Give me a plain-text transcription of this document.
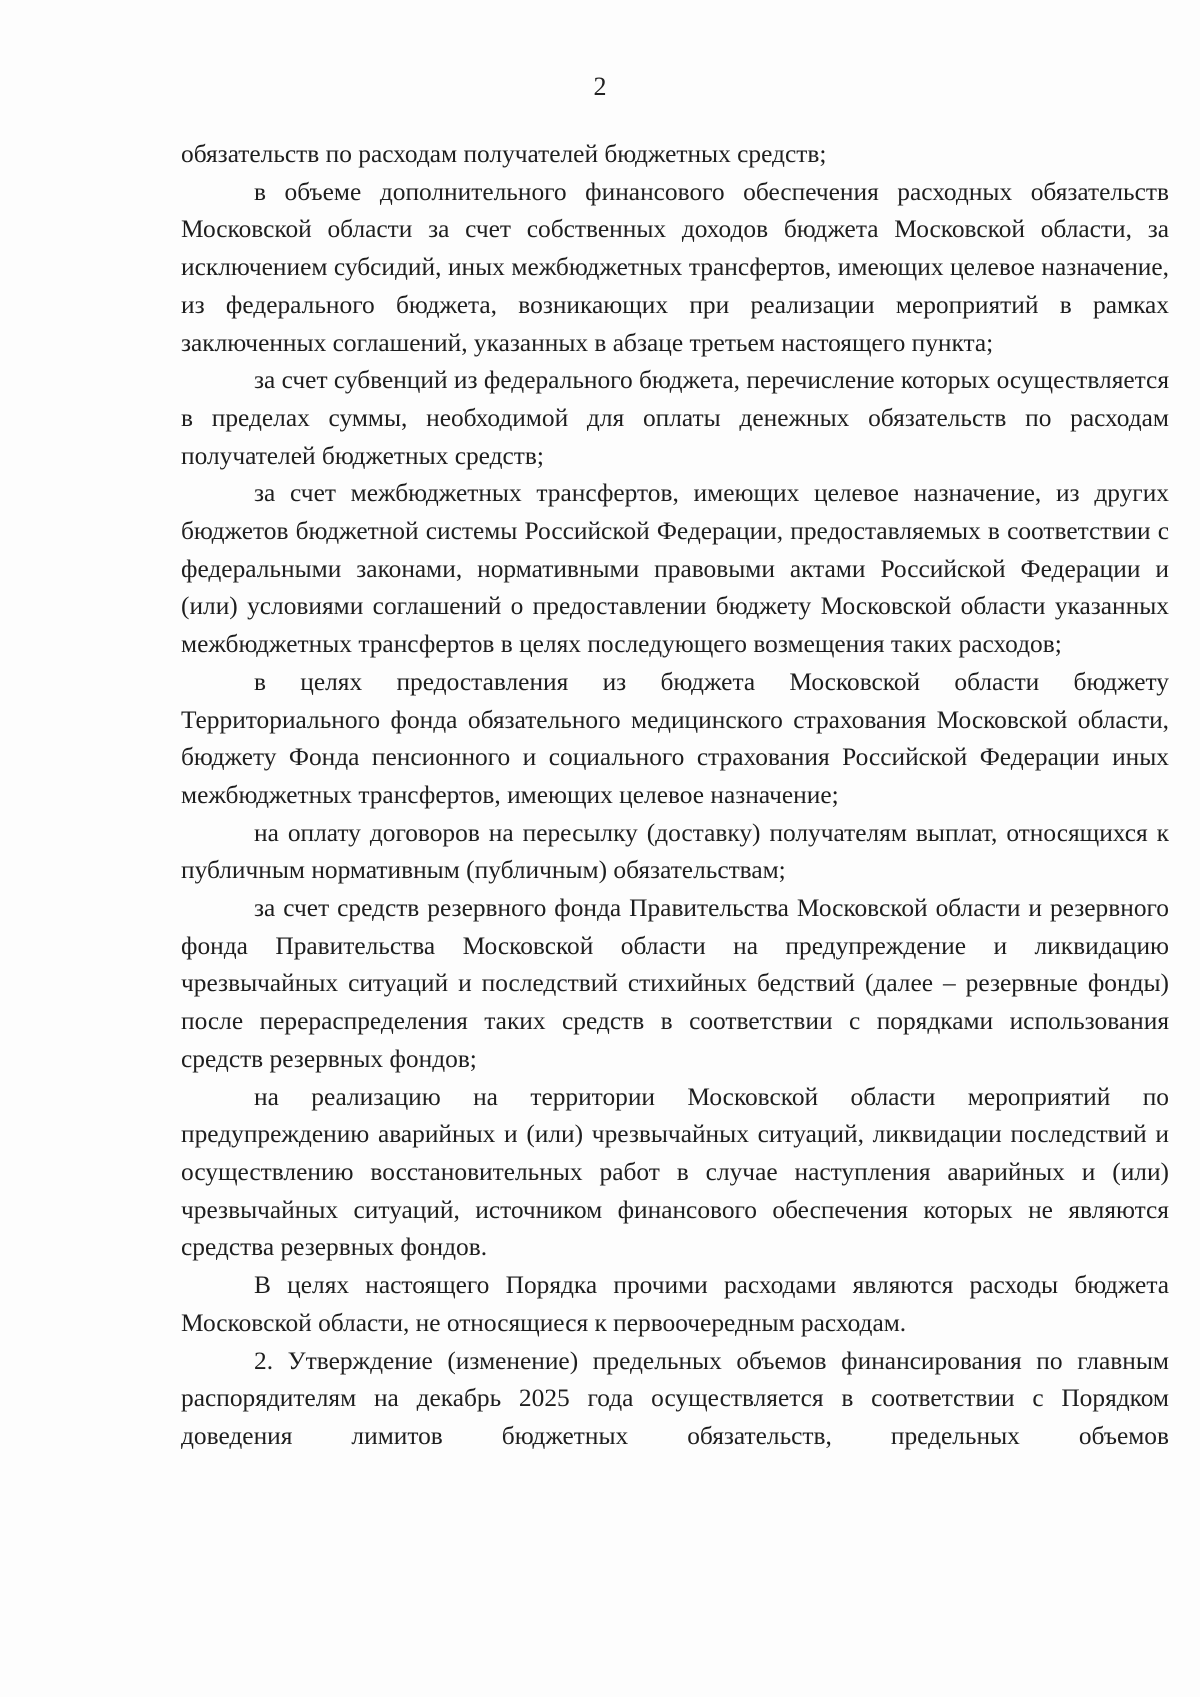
2

обязательств по расходам получателей бюджетных средств;

в объеме дополнительного финансового обеспечения расходных обязательств Московской области за счет собственных доходов бюджета Московской области, за исключением субсидий, иных межбюджетных трансфертов, имеющих целевое назначение, из федерального бюджета, возникающих при реализации мероприятий в рамках заключенных соглашений, указанных в абзаце третьем настоящего пункта;

за счет субвенций из федерального бюджета, перечисление которых осуществляется в пределах суммы, необходимой для оплаты денежных обязательств по расходам получателей бюджетных средств;

за счет межбюджетных трансфертов, имеющих целевое назначение, из других бюджетов бюджетной системы Российской Федерации, предоставляемых в соответствии с федеральными законами, нормативными правовыми актами Российской Федерации и (или) условиями соглашений о предоставлении бюджету Московской области указанных межбюджетных трансфертов в целях последующего возмещения таких расходов;

в целях предоставления из бюджета Московской области бюджету Территориального фонда обязательного медицинского страхования Московской области, бюджету Фонда пенсионного и социального страхования Российской Федерации иных межбюджетных трансфертов, имеющих целевое назначение;

на оплату договоров на пересылку (доставку) получателям выплат, относящихся к публичным нормативным (публичным) обязательствам;

за счет средств резервного фонда Правительства Московской области и резервного фонда Правительства Московской области на предупреждение и ликвидацию чрезвычайных ситуаций и последствий стихийных бедствий (далее – резервные фонды) после перераспределения таких средств в соответствии с порядками использования средств резервных фондов;

на реализацию на территории Московской области мероприятий по предупреждению аварийных и (или) чрезвычайных ситуаций, ликвидации последствий и осуществлению восстановительных работ в случае наступления аварийных и (или) чрезвычайных ситуаций, источником финансового обеспечения которых не являются средства резервных фондов.

В целях настоящего Порядка прочими расходами являются расходы бюджета Московской области, не относящиеся к первоочередным расходам.

2. Утверждение (изменение) предельных объемов финансирования по главным распорядителям на декабрь 2025 года осуществляется в соответствии с Порядком доведения лимитов бюджетных обязательств, предельных объемов
